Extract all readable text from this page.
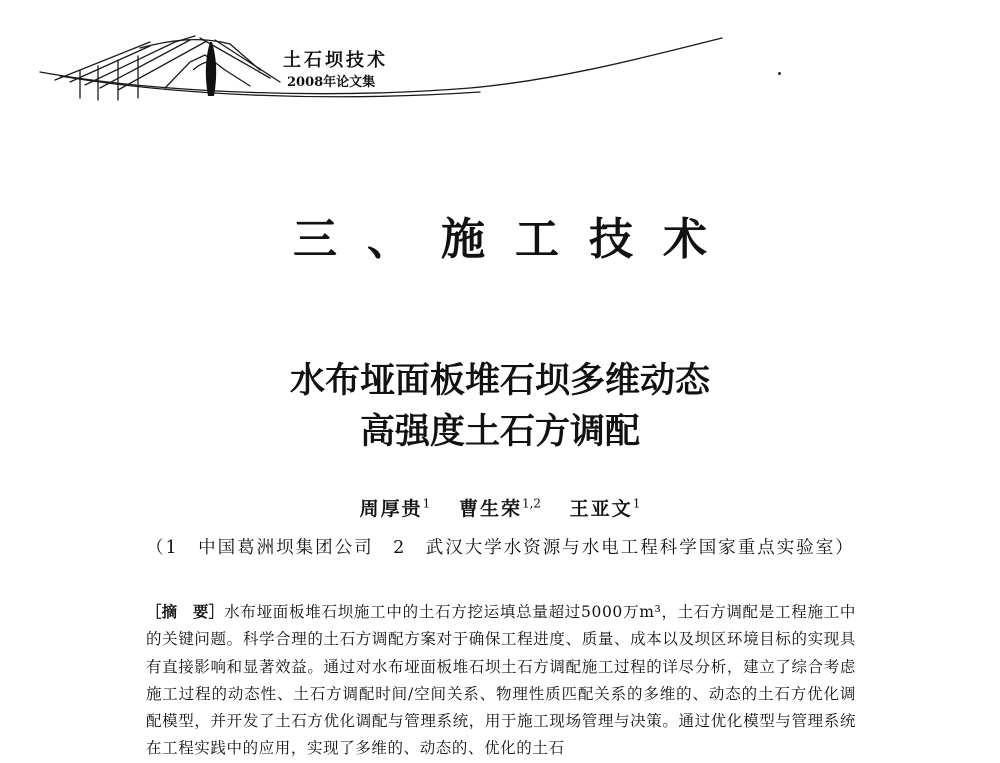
土石坝技术
2008年论文集
三、施工技术
水布垭面板堆石坝多维动态
高强度土石方调配
周厚贵$^1$ 曹生荣$^{1,2}$ 王亚文$^1$
（1　中国葛洲坝集团公司　2　武汉大学水资源与水电工程科学国家重点实验室）
［摘　要］水布垭面板堆石坝施工中的土石方挖运填总量超过5000万m³，土石方调配是工程施工中的关键问题。科学合理的土石方调配方案对于确保工程进度、质量、成本以及坝区环境目标的实现具有直接影响和显著效益。通过对水布垭面板堆石坝土石方调配施工过程的详尽分析，建立了综合考虑施工过程的动态性、土石方调配时间/空间关系、物理性质匹配关系的多维的、动态的土石方优化调配模型，并开发了土石方优化调配与管理系统，用于施工现场管理与决策。通过优化模型与管理系统在工程实践中的应用，实现了多维的、动态的、优化的土石
